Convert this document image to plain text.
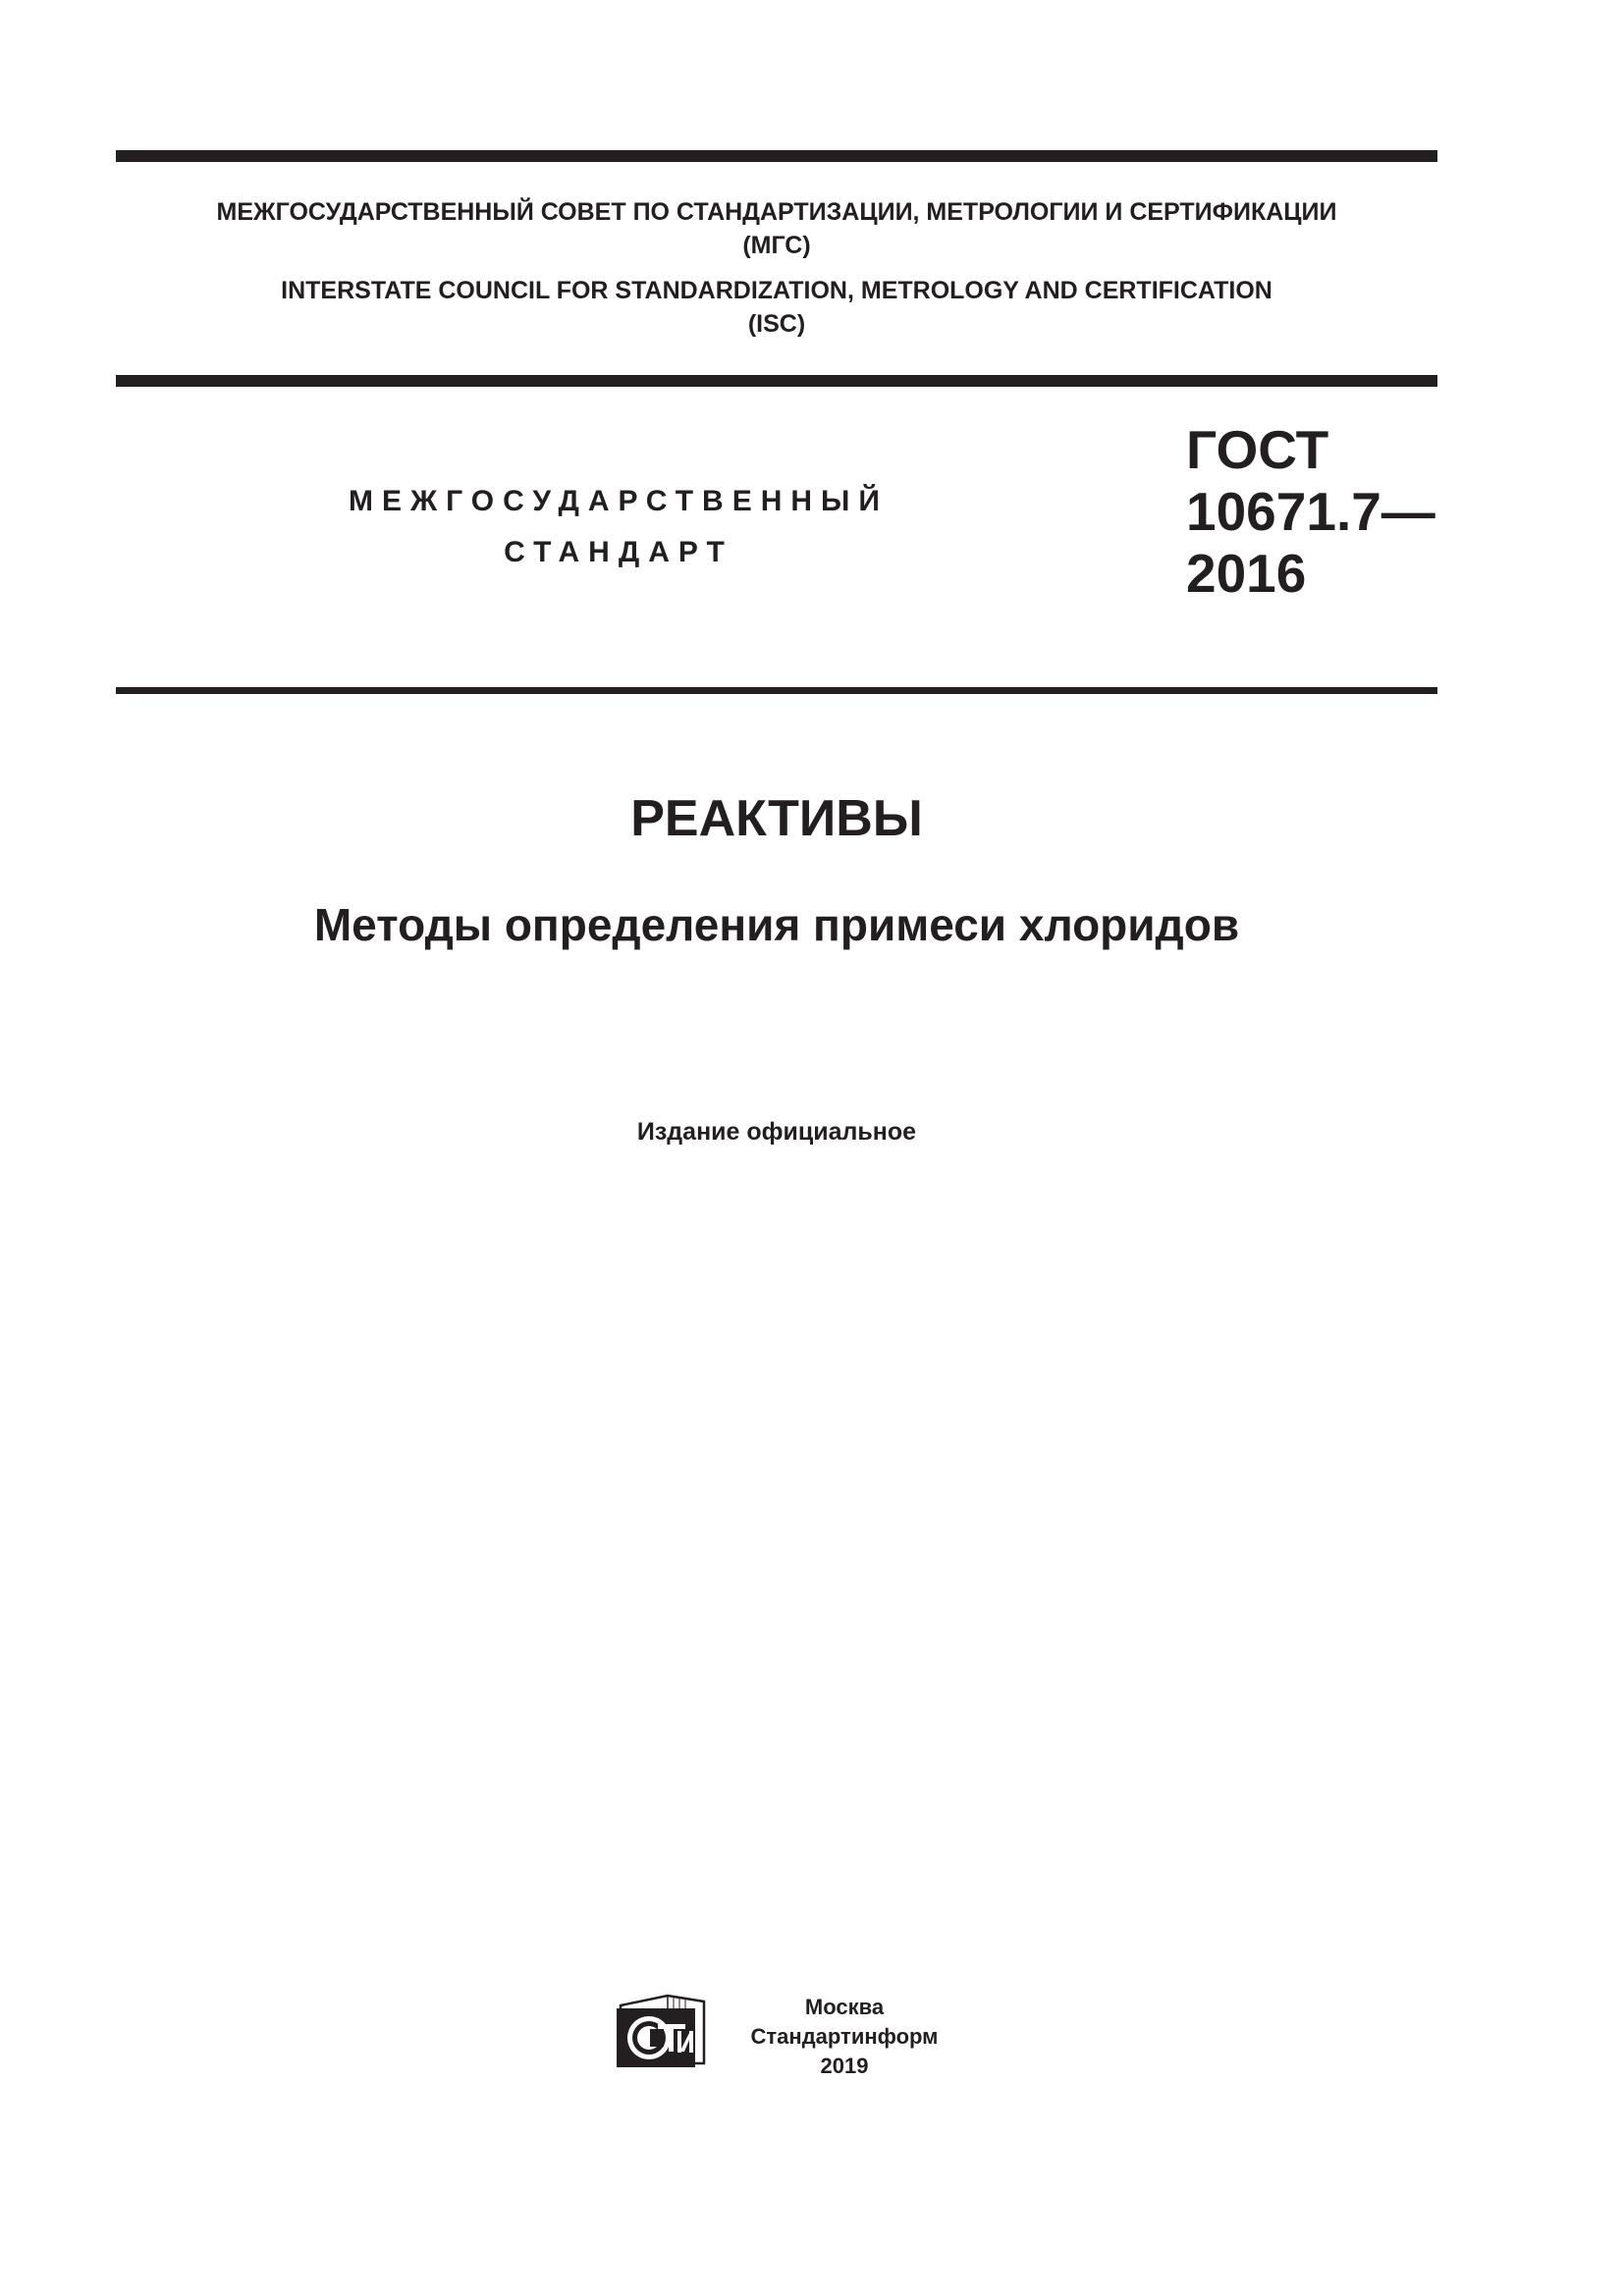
МЕЖГОСУДАРСТВЕННЫЙ СОВЕТ ПО СТАНДАРТИЗАЦИИ, МЕТРОЛОГИИ И СЕРТИФИКАЦИИ
(МГС)
INTERSTATE COUNCIL FOR STANDARDIZATION, METROLOGY AND CERTIFICATION
(ISC)
МЕЖГОСУДАРСТВЕННЫЙ
СТАНДАРТ
ГОСТ
10671.7—
2016
РЕАКТИВЫ
Методы определения примеси хлоридов
Издание официальное
Москва
Стандартинформ
2019
